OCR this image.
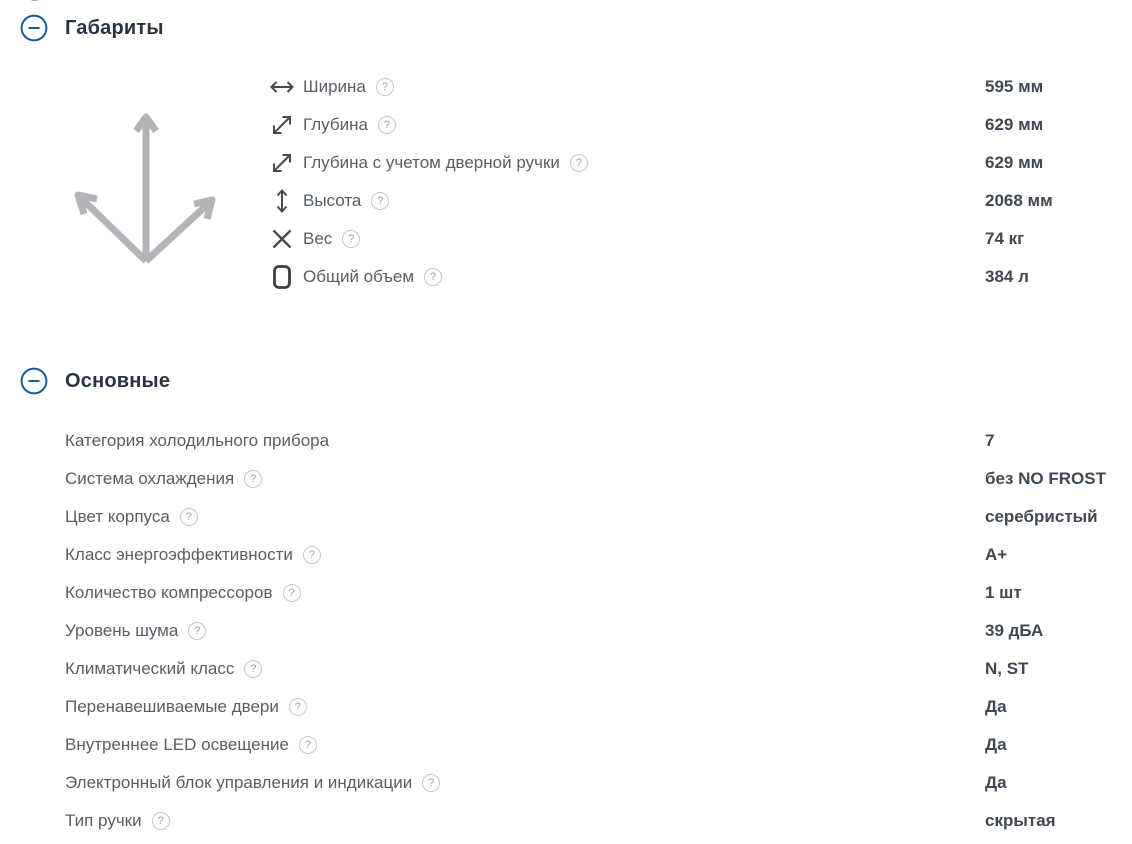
Габариты
Ширина	?	595 мм
Глубина	?	629 мм
Глубина с учетом дверной ручки	?	629 мм
Высота	?	2068 мм
Вес	?	74 кг
Общий объем	?	384 л
Основные
Категория холодильного прибора	7
Система охлаждения	?	без NO FROST
Цвет корпуса	?	серебристый
Класс энергоэффективности	?	A+
Количество компрессоров	?	1 шт
Уровень шума	?	39 дБА
Климатический класс	?	N, ST
Перенавешиваемые двери	?	Да
Внутреннее LED освещение	?	Да
Электронный блок управления и индикации	?	Да
Тип ручки	?	скрытая
